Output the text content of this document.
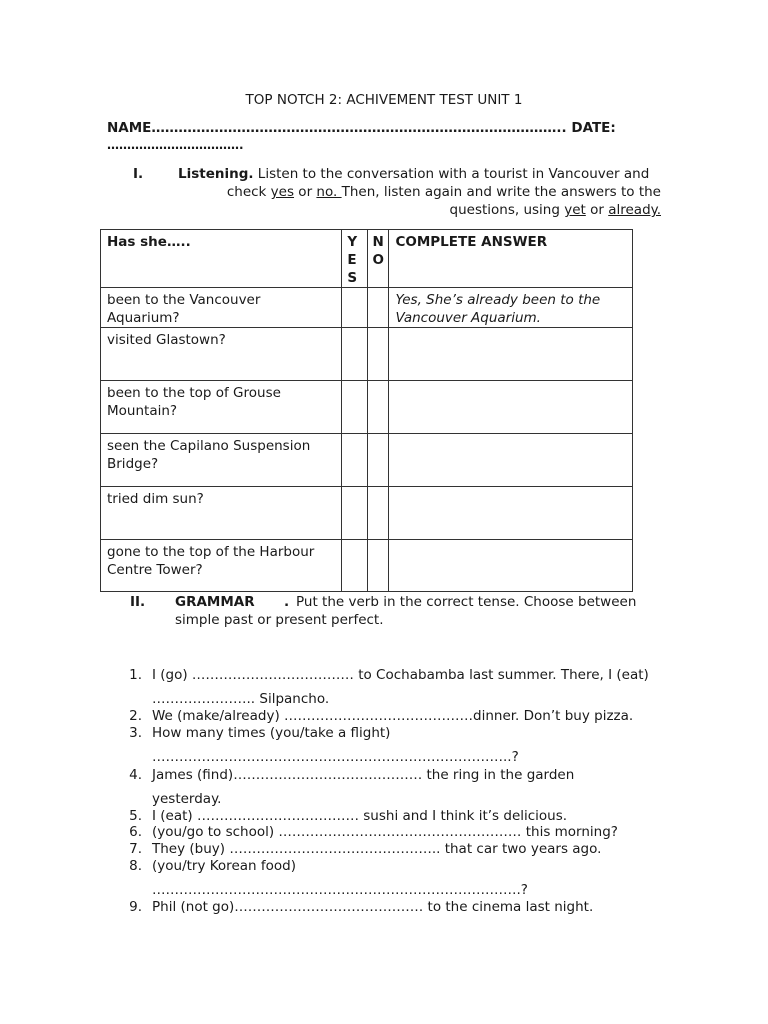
TOP NOTCH 2: ACHIVEMENT TEST UNIT 1
NAME……………………………………………………………………………….. DATE:
…………………………….
I.	Listening. Listen to the conversation with a tourist in Vancouver and
check yes or no. Then, listen again and write the answers to the
questions, using yet or already.
Has she…..	YES	NO	COMPLETE ANSWER
been to the Vancouver Aquarium?			Yes, She’s already been to the Vancouver Aquarium.
visited Glastown?			
been to the top of Grouse Mountain?			
seen the Capilano Suspension Bridge?			
tried dim sun?			
gone to the top of the Harbour Centre Tower?			
II. GRAMMAR . Put the verb in the correct tense. Choose between
simple past or present perfect.
1. I (go) ……………………………… to Cochabamba last summer. There, I (eat)
………………….. Silpancho.
2. We (make/already) ……………………………………dinner. Don’t buy pizza.
3. How many times (you/take a flight)
……………………………………………………………………..?
4. James (find)…………………………………… the ring in the garden
yesterday.
5. I (eat) ……………………………… sushi and I think it’s delicious.
6. (you/go to school) ……………………………………………… this morning?
7. They (buy) ……………………………………….. that car two years ago.
8. (you/try Korean food)
……………………………………………………………………….?
9. Phil (not go)…………………………………… to the cinema last night.
